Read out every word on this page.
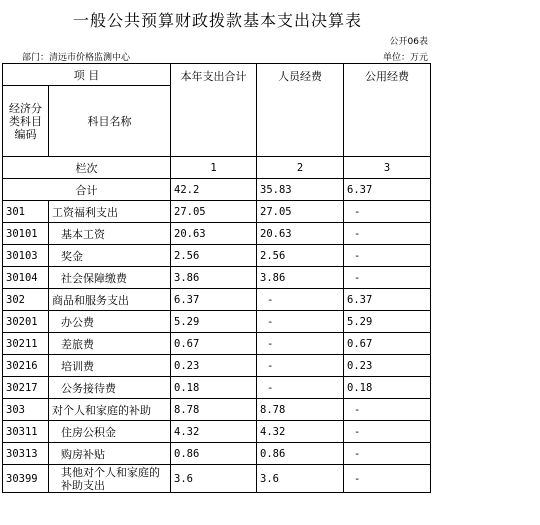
一般公共预算财政拨款基本支出决算表
公开06表
部门：清远市价格监测中心	单位：万元
项 目		本年支出合计	人员经费	公用经费
经济分类科目编码	科目名称			
栏次		1	2	3
合计		42.2	35.83	6.37
301	工资福利支出	27.05	27.05	-
30101	基本工资	20.63	20.63	-
30103	奖金	2.56	2.56	-
30104	社会保障缴费	3.86	3.86	-
302	商品和服务支出	6.37	-	6.37
30201	办公费	5.29	-	5.29
30211	差旅费	0.67	-	0.67
30216	培训费	0.23	-	0.23
30217	公务接待费	0.18	-	0.18
303	对个人和家庭的补助	8.78	8.78	-
30311	住房公积金	4.32	4.32	-
30313	购房补贴	0.86	0.86	-
30399	其他对个人和家庭的补助支出	3.6	3.6	-
